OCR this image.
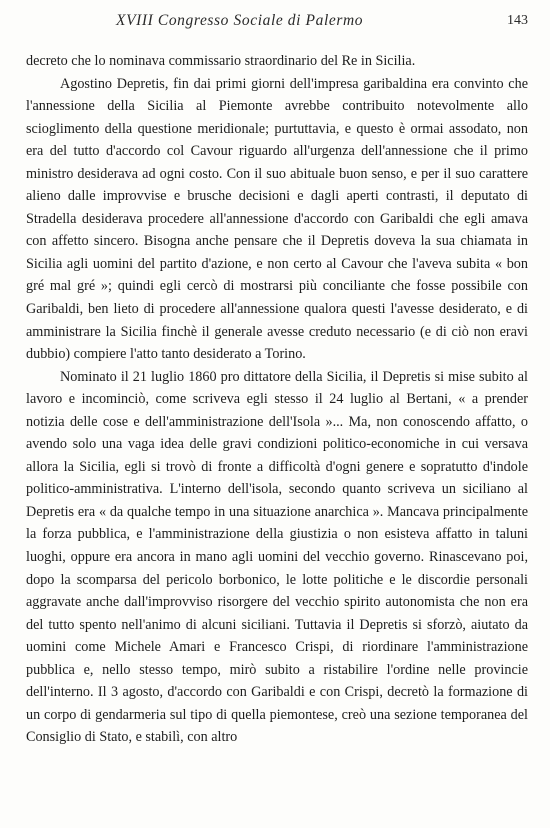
XVIII Congresso Sociale di Palermo	143

decreto che lo nominava commissario straordinario del Re in Sicilia.

Agostino Depretis, fin dai primi giorni dell'impresa garibaldina era convinto che l'annessione della Sicilia al Piemonte avrebbe contribuito notevolmente allo scioglimento della questione meridionale; purtuttavia, e questo è ormai assodato, non era del tutto d'accordo col Cavour riguardo all'urgenza dell'annessione che il primo ministro desiderava ad ogni costo. Con il suo abituale buon senso, e per il suo carattere alieno dalle improvvise e brusche decisioni e dagli aperti contrasti, il deputato di Stradella desiderava procedere all'annessione d'accordo con Garibaldi che egli amava con affetto sincero. Bisogna anche pensare che il Depretis doveva la sua chiamata in Sicilia agli uomini del partito d'azione, e non certo al Cavour che l'aveva subita « bon gré mal gré »; quindi egli cercò di mostrarsi più conciliante che fosse possibile con Garibaldi, ben lieto di procedere all'annessione qualora questi l'avesse desiderato, e di amministrare la Sicilia finchè il generale avesse creduto necessario (e di ciò non eravi dubbio) compiere l'atto tanto desiderato a Torino.

Nominato il 21 luglio 1860 pro dittatore della Sicilia, il Depretis si mise subito al lavoro e incominciò, come scriveva egli stesso il 24 luglio al Bertani, « a prender notizia delle cose e dell'amministrazione dell'Isola »... Ma, non conoscendo affatto, o avendo solo una vaga idea delle gravi condizioni politico-economiche in cui versava allora la Sicilia, egli si trovò di fronte a difficoltà d'ogni genere e sopratutto d'indole politico-amministrativa. L'interno dell'isola, secondo quanto scriveva un siciliano al Depretis era « da qualche tempo in una situazione anarchica ». Mancava principalmente la forza pubblica, e l'amministrazione della giustizia o non esisteva affatto in taluni luoghi, oppure era ancora in mano agli uomini del vecchio governo. Rinascevano poi, dopo la scomparsa del pericolo borbonico, le lotte politiche e le discordie personali aggravate anche dall'improvviso risorgere del vecchio spirito autonomista che non era del tutto spento nell'animo di alcuni siciliani. Tuttavia il Depretis si sforzò, aiutato da uomini come Michele Amari e Francesco Crispi, di riordinare l'amministrazione pubblica e, nello stesso tempo, mirò subito a ristabilire l'ordine nelle provincie dell'interno. Il 3 agosto, d'accordo con Garibaldi e con Crispi, decretò la formazione di un corpo di gendarmeria sul tipo di quella piemontese, creò una sezione temporanea del Consiglio di Stato, e stabilì, con altro
